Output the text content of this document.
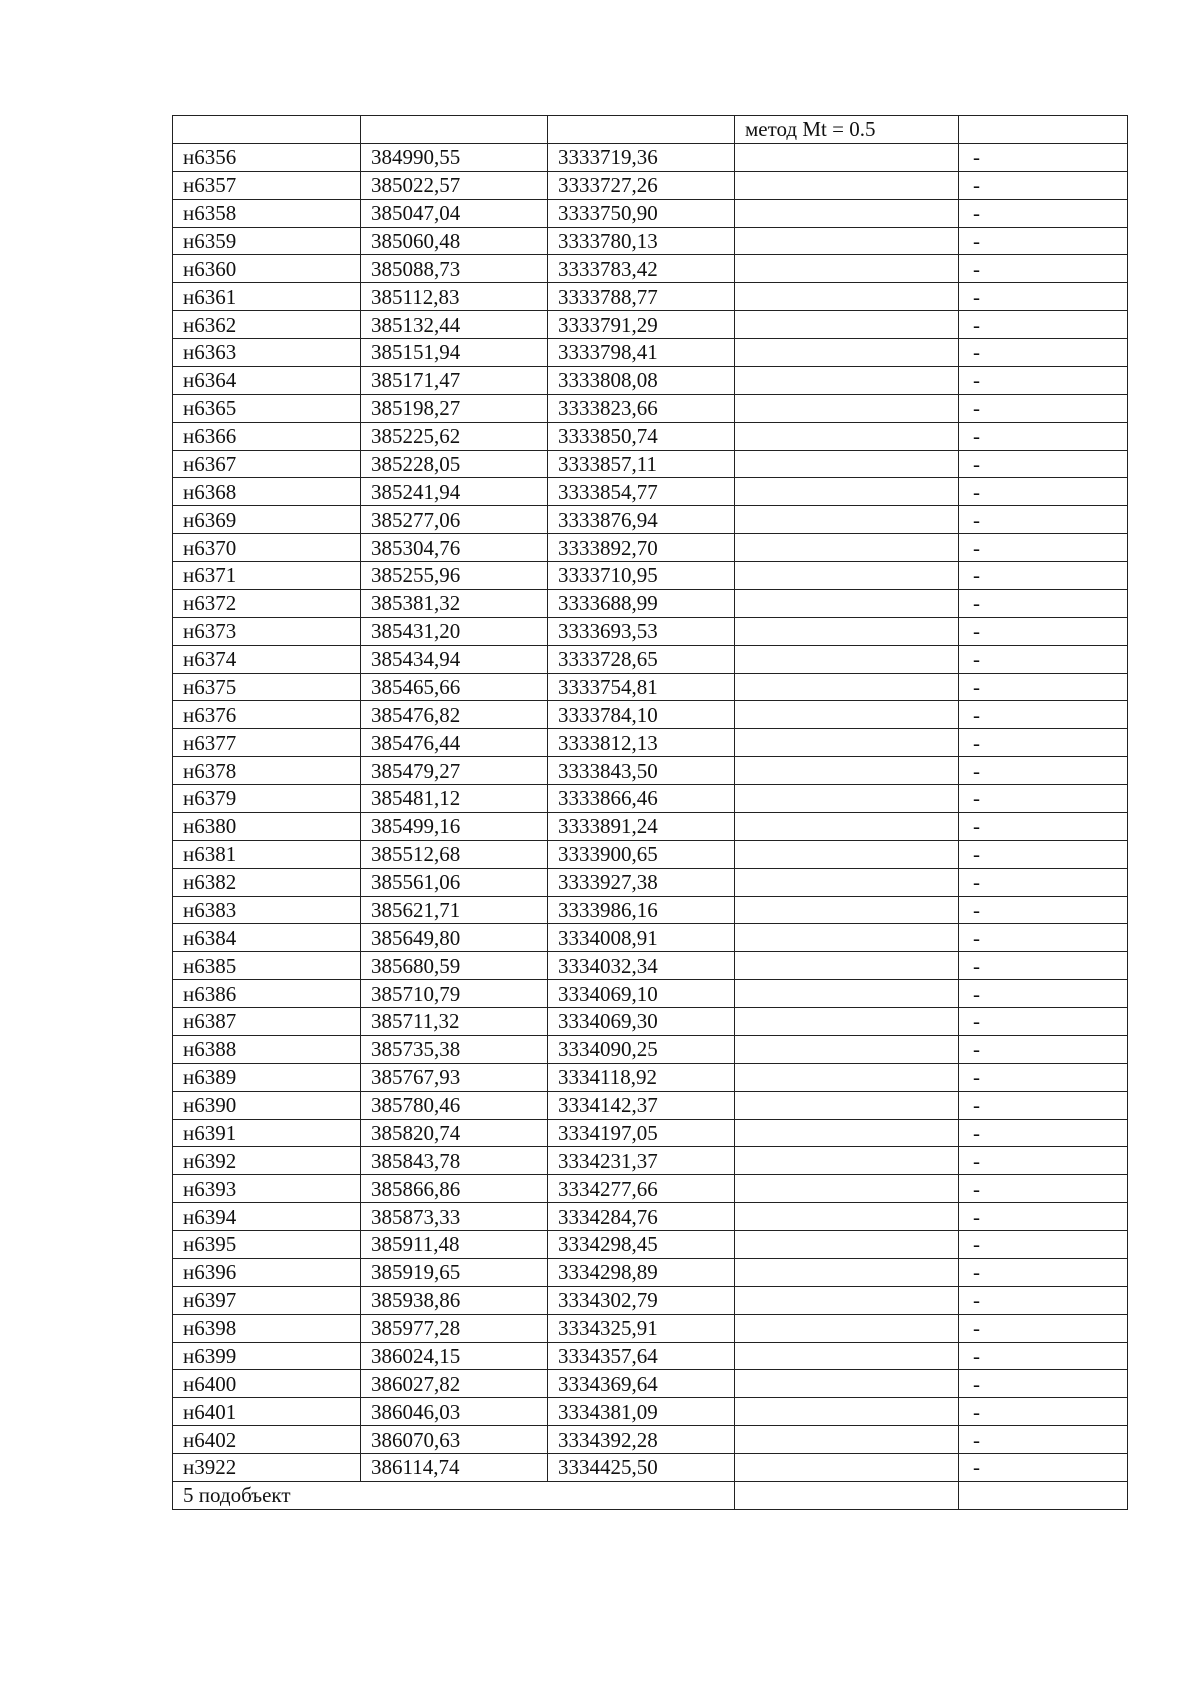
			метод Mt = 0.5	
н6356	384990,55	3333719,36		-
н6357	385022,57	3333727,26		-
н6358	385047,04	3333750,90		-
н6359	385060,48	3333780,13		-
н6360	385088,73	3333783,42		-
н6361	385112,83	3333788,77		-
н6362	385132,44	3333791,29		-
н6363	385151,94	3333798,41		-
н6364	385171,47	3333808,08		-
н6365	385198,27	3333823,66		-
н6366	385225,62	3333850,74		-
н6367	385228,05	3333857,11		-
н6368	385241,94	3333854,77		-
н6369	385277,06	3333876,94		-
н6370	385304,76	3333892,70		-
н6371	385255,96	3333710,95		-
н6372	385381,32	3333688,99		-
н6373	385431,20	3333693,53		-
н6374	385434,94	3333728,65		-
н6375	385465,66	3333754,81		-
н6376	385476,82	3333784,10		-
н6377	385476,44	3333812,13		-
н6378	385479,27	3333843,50		-
н6379	385481,12	3333866,46		-
н6380	385499,16	3333891,24		-
н6381	385512,68	3333900,65		-
н6382	385561,06	3333927,38		-
н6383	385621,71	3333986,16		-
н6384	385649,80	3334008,91		-
н6385	385680,59	3334032,34		-
н6386	385710,79	3334069,10		-
н6387	385711,32	3334069,30		-
н6388	385735,38	3334090,25		-
н6389	385767,93	3334118,92		-
н6390	385780,46	3334142,37		-
н6391	385820,74	3334197,05		-
н6392	385843,78	3334231,37		-
н6393	385866,86	3334277,66		-
н6394	385873,33	3334284,76		-
н6395	385911,48	3334298,45		-
н6396	385919,65	3334298,89		-
н6397	385938,86	3334302,79		-
н6398	385977,28	3334325,91		-
н6399	386024,15	3334357,64		-
н6400	386027,82	3334369,64		-
н6401	386046,03	3334381,09		-
н6402	386070,63	3334392,28		-
н3922	386114,74	3334425,50		-
5 подобъект				
